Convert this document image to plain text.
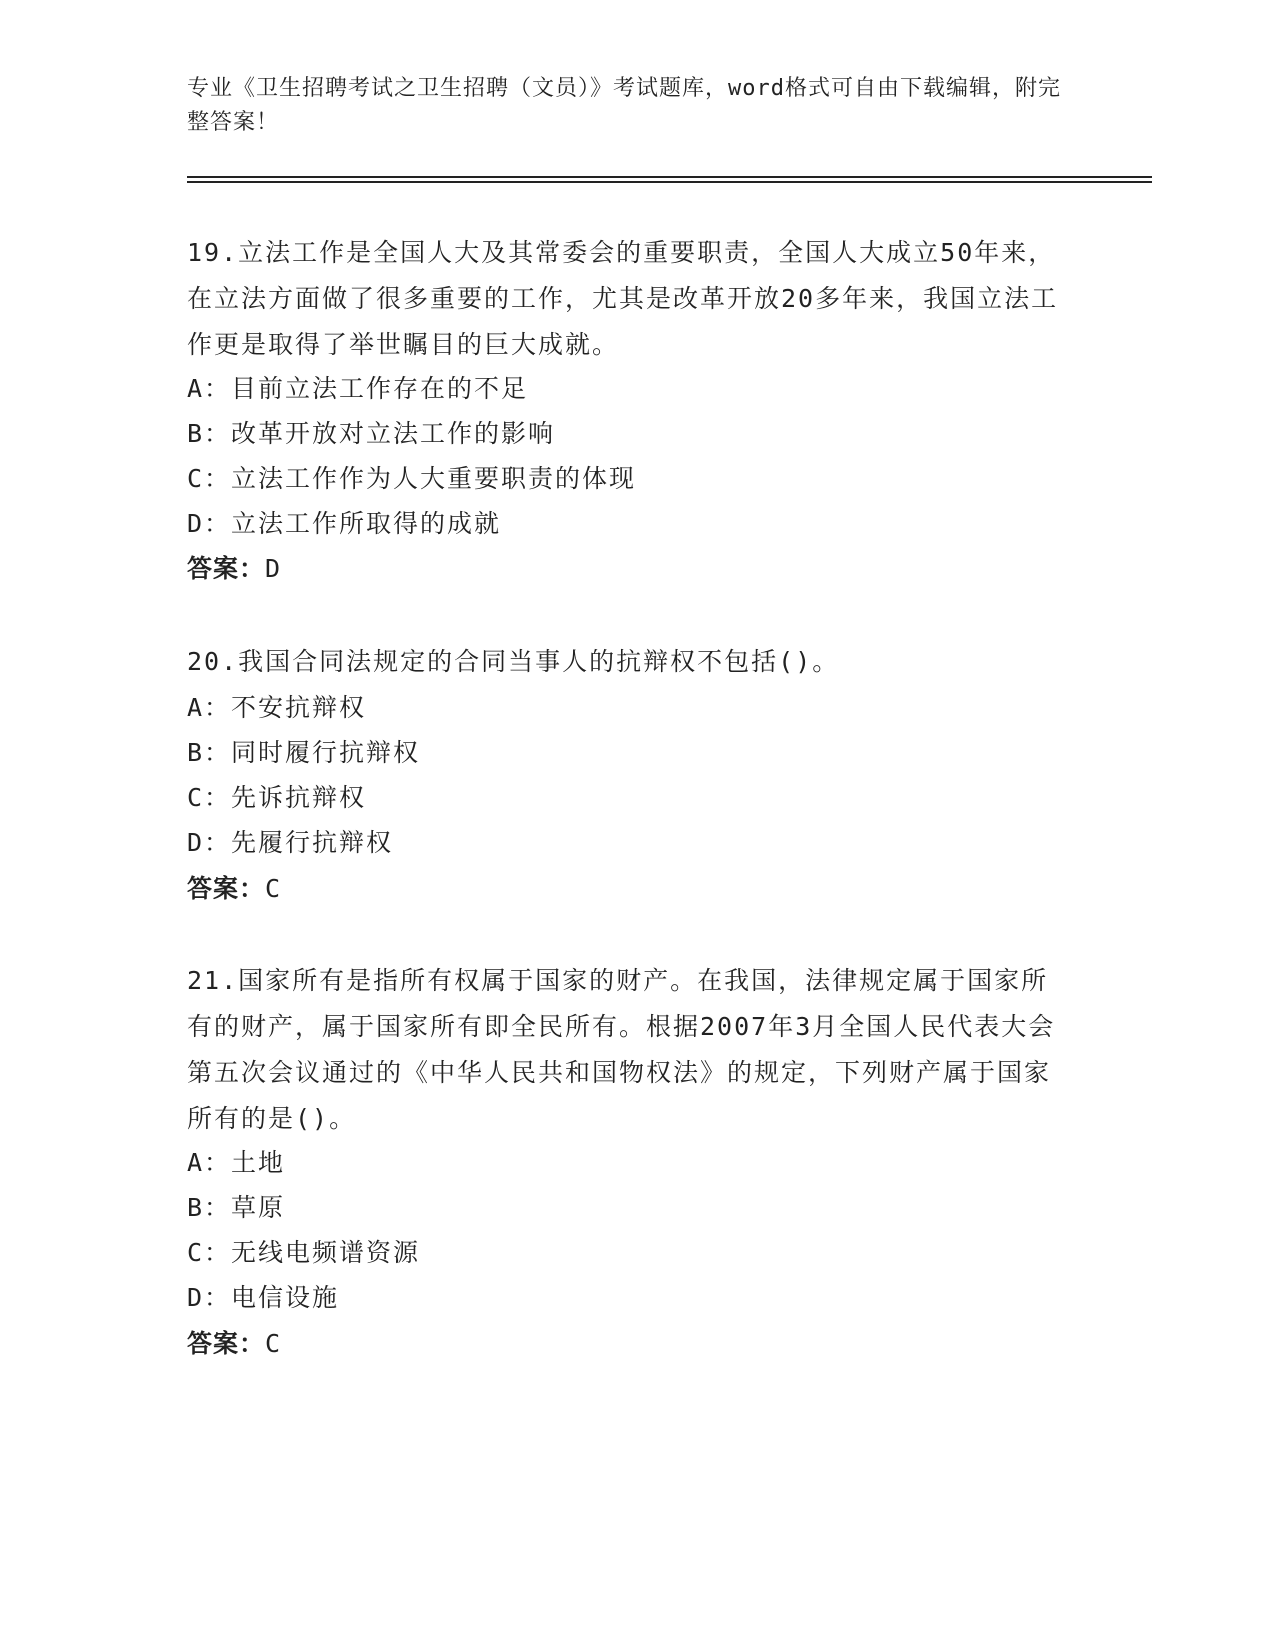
专业《卫生招聘考试之卫生招聘（文员）》考试题库，word格式可自由下载编辑，附完整答案！

19.立法工作是全国人大及其常委会的重要职责，全国人大成立50年来，在立法方面做了很多重要的工作，尤其是改革开放20多年来，我国立法工作更是取得了举世瞩目的巨大成就。

A：目前立法工作存在的不足

B：改革开放对立法工作的影响

C：立法工作作为人大重要职责的体现

D：立法工作所取得的成就

答案：D

20.我国合同法规定的合同当事人的抗辩权不包括()。

A：不安抗辩权

B：同时履行抗辩权

C：先诉抗辩权

D：先履行抗辩权

答案：C

21.国家所有是指所有权属于国家的财产。在我国，法律规定属于国家所有的财产，属于国家所有即全民所有。根据2007年3月全国人民代表大会第五次会议通过的《中华人民共和国物权法》的规定，下列财产属于国家所有的是()。

A：土地

B：草原

C：无线电频谱资源

D：电信设施

答案：C
